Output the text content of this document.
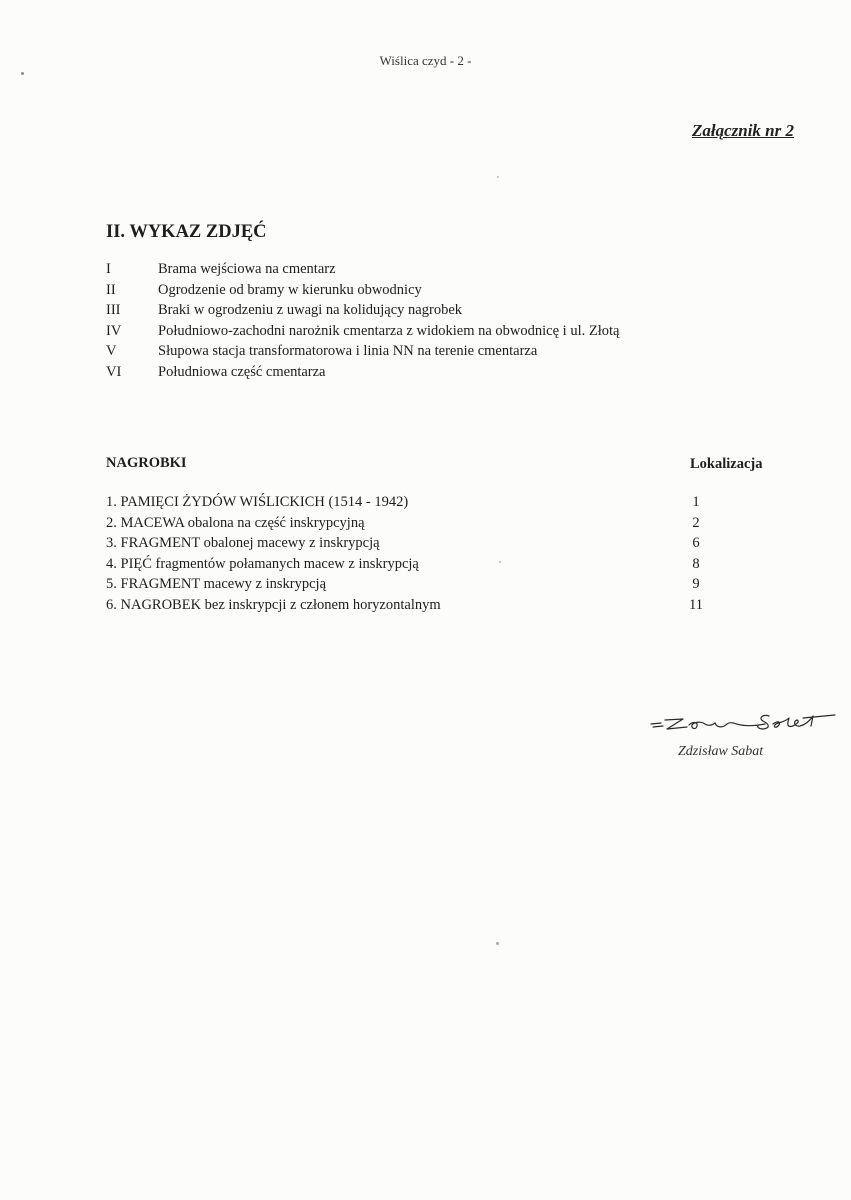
Wiślica czyd - 2 -
Załącznik nr 2
II. WYKAZ ZDJĘĆ
I	Brama wejściowa na cmentarz
II	Ogrodzenie od bramy w kierunku obwodnicy
III	Braki w ogrodzeniu z uwagi na kolidujący nagrobek
IV	Południowo-zachodni narożnik cmentarza z widokiem na obwodnicę i ul. Złotą
V	Słupowa stacja transformatorowa i linia NN na terenie cmentarza
VI	Południowa część cmentarza
NAGROBKI	Lokalizacja
1. PAMIĘCI ŻYDÓW WIŚLICKICH (1514 - 1942)	1
2. MACEWA obalona na część inskrypcyjną	2
3. FRAGMENT obalonej macewy z inskrypcją	6
4. PIĘĆ fragmentów połamanych macew z inskrypcją	8
5. FRAGMENT macewy z inskrypcją	9
6. NAGROBEK bez inskrypcji z członem horyzontalnym	11
Zdzisław Sabat
